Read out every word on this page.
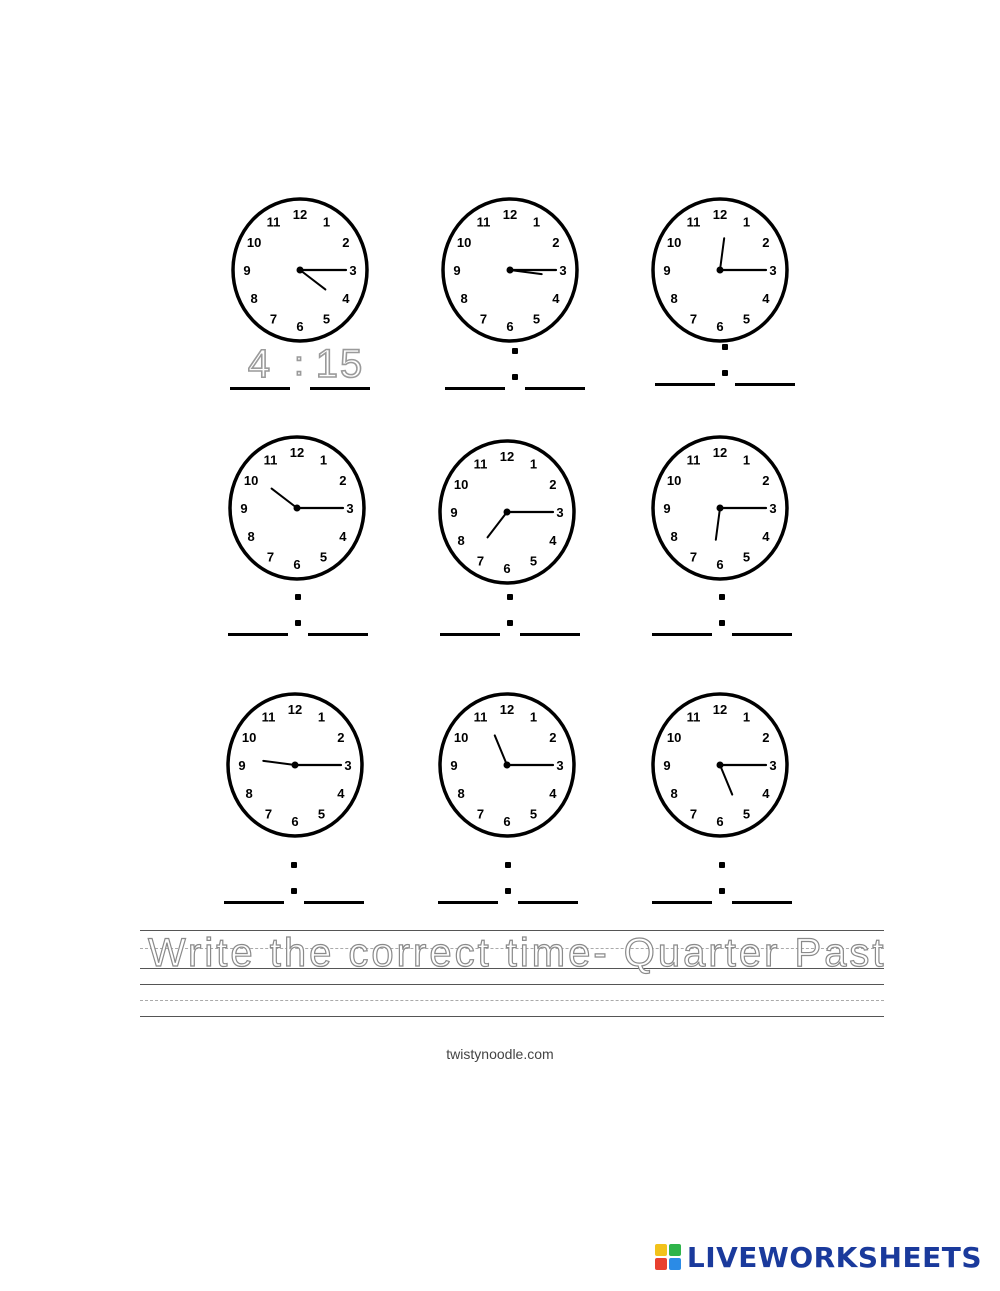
12
1
2
3
4
5
6
7
8
9
10
11
12
1
2
3
4
5
6
7
8
9
10
11
12
1
2
3
4
5
6
7
8
9
10
11
12
1
2
3
4
5
6
7
8
9
10
11	12
1
2
3
4
5
6
7
8
9
10
11
12
1
2
3
4
5
6
7
8
9
10
11
12
1
2
3
4
5
6
7
8
9
10
11
12
1
2
3
4
5
6
7
8
9
10
11
12
1
2
3
4
5
6
7
8
9
10
11
4 : 15
Write the correct time- Quarter Past
twistynoodle.com
LIVEWORKSHEETS
